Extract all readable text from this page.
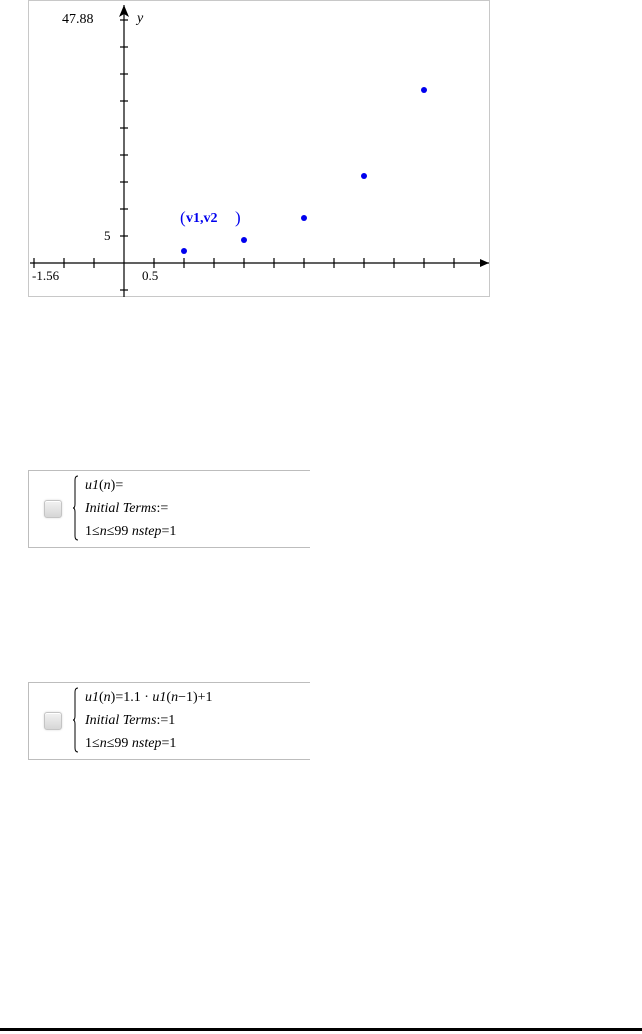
47.88	y
5
-1.56	0.5
( v1,v2 )
u1(n)=
Initial Terms:=
1≤n≤99 nstep=1
u1(n)=1.1 · u1(n−1)+1
Initial Terms:=1
1≤n≤99 nstep=1
